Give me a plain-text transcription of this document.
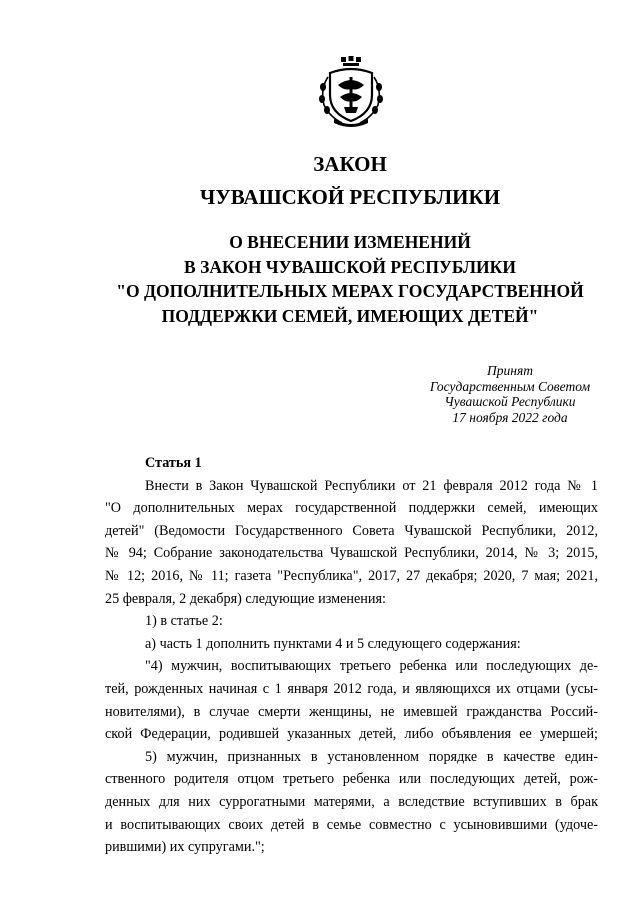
ЗАКОН
ЧУВАШСКОЙ РЕСПУБЛИКИ
О ВНЕСЕНИИ ИЗМЕНЕНИЙ
В ЗАКОН ЧУВАШСКОЙ РЕСПУБЛИКИ
"О ДОПОЛНИТЕЛЬНЫХ МЕРАХ ГОСУДАРСТВЕННОЙ
ПОДДЕРЖКИ СЕМЕЙ, ИМЕЮЩИХ ДЕТЕЙ"
Принят
Государственным Советом
Чувашской Республики
17 ноября 2022 года

Статья 1

Внести в Закон Чувашской Республики от 21 февраля 2012 года № 1
"О дополнительных мерах государственной поддержки семей, имеющих
детей" (Ведомости Государственного Совета Чувашской Республики, 2012,
№ 94; Собрание законодательства Чувашской Республики, 2014, № 3; 2015,
№ 12; 2016, № 11; газета "Республика", 2017, 27 декабря; 2020, 7 мая; 2021,
25 февраля, 2 декабря) следующие изменения:
1) в статье 2:
а) часть 1 дополнить пунктами 4 и 5 следующего содержания:
"4) мужчин, воспитывающих третьего ребенка или последующих де-
тей, рожденных начиная с 1 января 2012 года, и являющихся их отцами (усы-
новителями), в случае смерти женщины, не имевшей гражданства Россий-
ской Федерации, родившей указанных детей, либо объявления ее умершей;
5) мужчин, признанных в установленном порядке в качестве един-
ственного родителя отцом третьего ребенка или последующих детей, рож-
денных для них суррогатными матерями, а вследствие вступивших в брак
и воспитывающих своих детей в семье совместно с усыновившими (удоче-
рившими) их супругами.";
